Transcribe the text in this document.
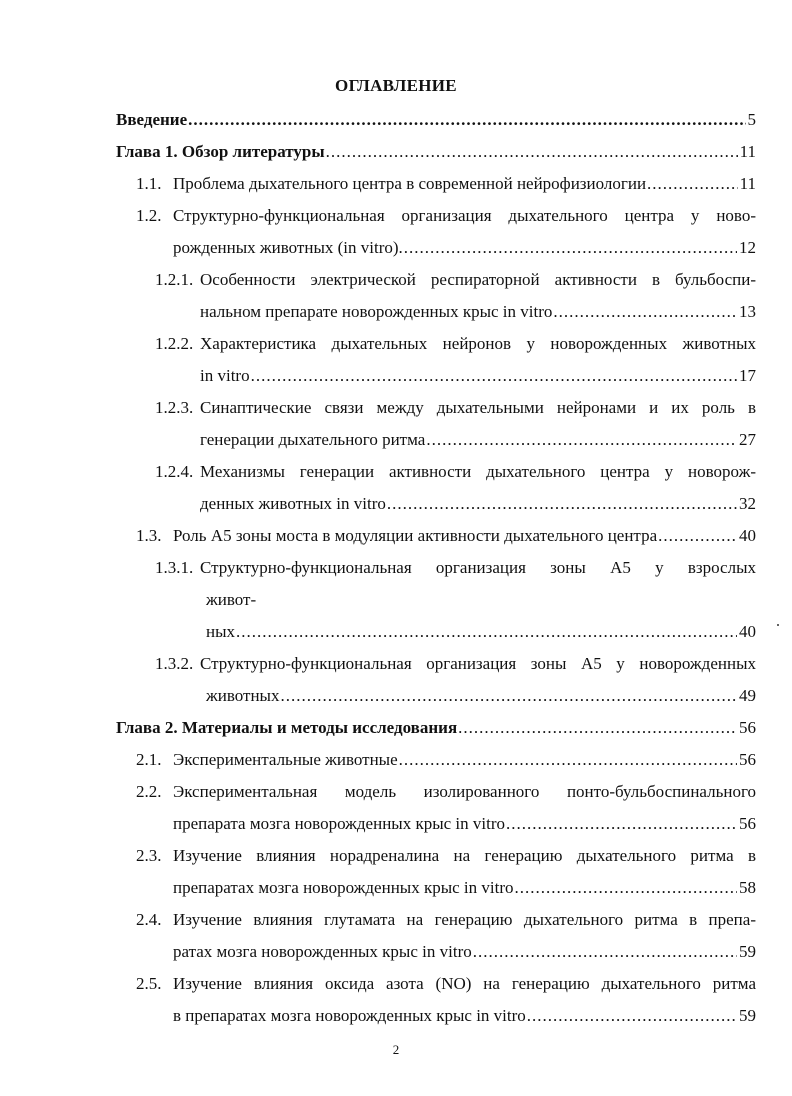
ОГЛАВЛЕНИЕ
Введение .....	5
Глава 1. Обзор литературы .....	11
1.1. Проблема дыхательного центра в современной нейрофизиологии .....	11
1.2. Структурно-функциональная организация дыхательного центра у ново-
рожденных животных (in vitro). .....	12
1.2.1. Особенности электрической респираторной активности в бульбоспи-
нальном препарате новорожденных крыс in vitro .....	13
1.2.2. Характеристика дыхательных нейронов у новорожденных животных
in vitro .....	17
1.2.3. Синаптические связи между дыхательными нейронами и их роль в
генерации дыхательного ритма .....	27
1.2.4. Механизмы генерации активности дыхательного центра у новорож-
денных животных in vitro .....	32
1.3. Роль А5 зоны моста в модуляции активности дыхательного центра .....	40
1.3.1. Структурно-функциональная организация зоны А5 у взрослых
живот-
ных .....	40
1.3.2. Структурно-функциональная организация зоны А5 у новорожденных
животных .....	49
Глава 2. Материалы и методы исследования .....	56
2.1. Экспериментальные животные .....	56
2.2. Экспериментальная модель изолированного понто-бульбоспинального
препарата мозга новорожденных крыс in vitro .....	56
2.3. Изучение влияния норадреналина на генерацию дыхательного ритма в
препаратах мозга новорожденных крыс in vitro .....	58
2.4. Изучение влияния глутамата на генерацию дыхательного ритма в препа-
ратах мозга новорожденных крыс in vitro .....	59
2.5. Изучение влияния оксида азота (NO) на генерацию дыхательного ритма
в препаратах мозга новорожденных крыс in vitro .....	59
2
